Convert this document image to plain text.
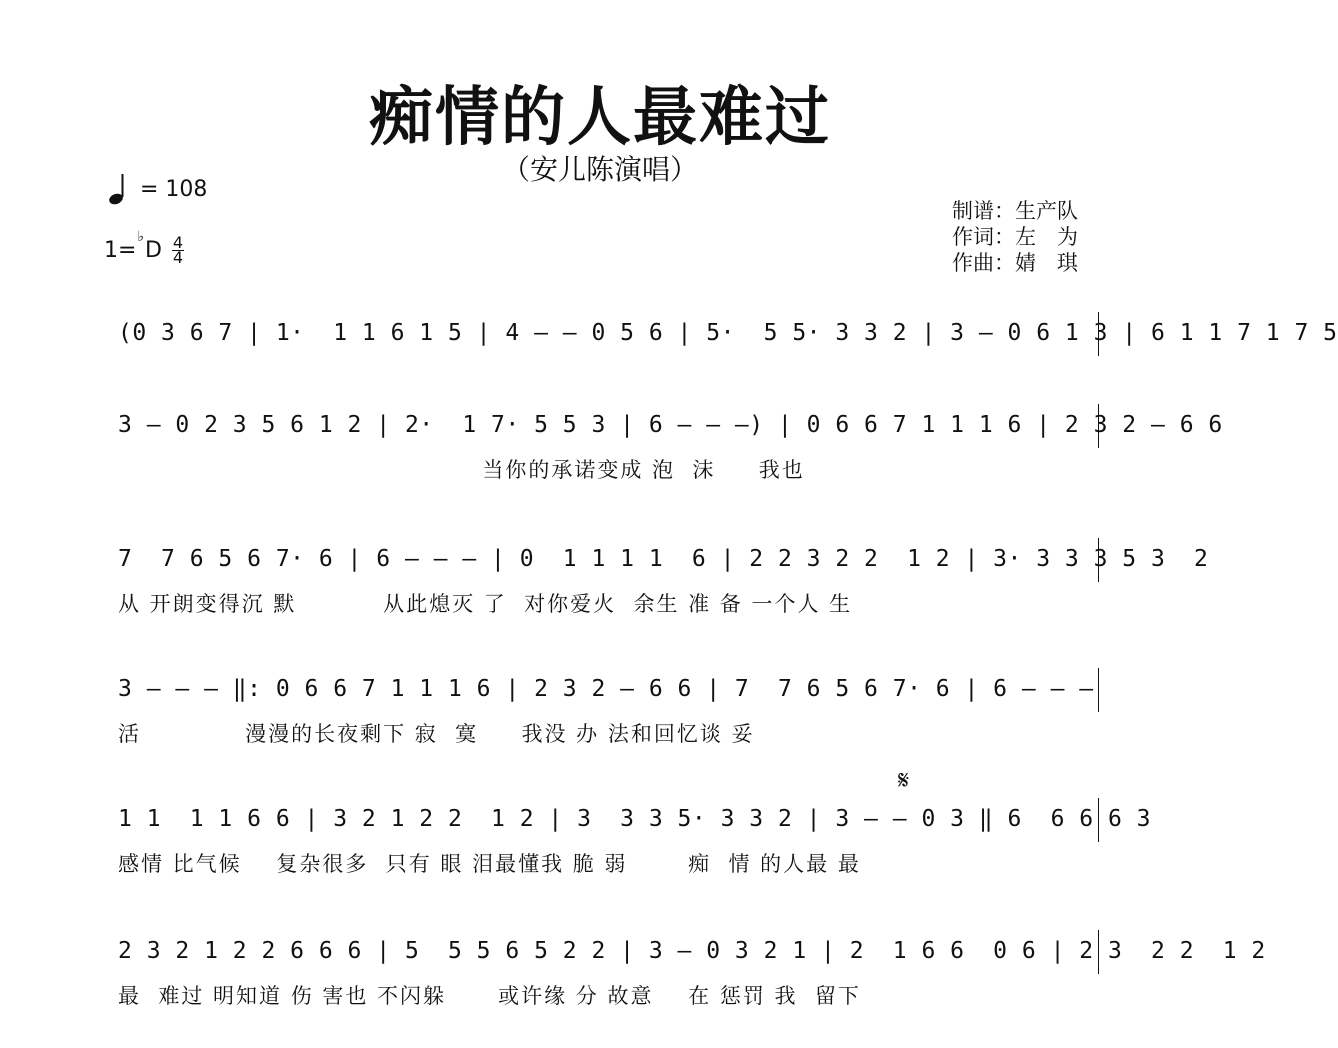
痴情的人最难过
（安儿陈演唱）
= 108
1=
♭
D 4
4
制谱：生产队
作词：左　为
作曲：婧　琪
𝄋
(0 3 6 7 | 1·  1 1 6 1 5 | 4 — — 0 5 6 | 5·  5 5· 3 3 2 | 3 — 0 6 1 3 | 6 1 1 7 1 7 5
3 — 0 2 3 5 6 1 2 | 2·  1 7· 5 5 3 | 6 — — —) | 0 6 6 7 1 1 1 6 | 2 3 2 — 6 6
当你的承诺变成 泡  沫     我也
7  7 6 5 6 7· 6 | 6 — — — | 0  1 1 1 1  6 | 2 2 3 2 2  1 2 | 3· 3 3 3 5 3  2
从 开朗变得沉 默          从此熄灭 了  对你爱火  余生 准 备 一个人 生
3 — — — ‖: 0 6 6 7 1 1 1 6 | 2 3 2 — 6 6 | 7  7 6 5 6 7· 6 | 6 — — —
活            漫漫的长夜剩下 寂  寞     我没 办 法和回忆谈 妥
1 1  1 1 6 6 | 3 2 1 2 2  1 2 | 3  3 3 5· 3 3 2 | 3 — — 0 3 ‖ 6  6 6 6 3
感情 比气候    复杂很多  只有 眼 泪最懂我 脆 弱       痴  情 的人最 最
2 3 2 1 2 2 6 6 6 | 5  5 5 6 5 2 2 | 3 — 0 3 2 1 | 2  1 6 6  0 6 | 2 3  2 2  1 2
最  难过 明知道 伤 害也 不闪躲      或许缘 分 故意    在 惩罚 我  留下
